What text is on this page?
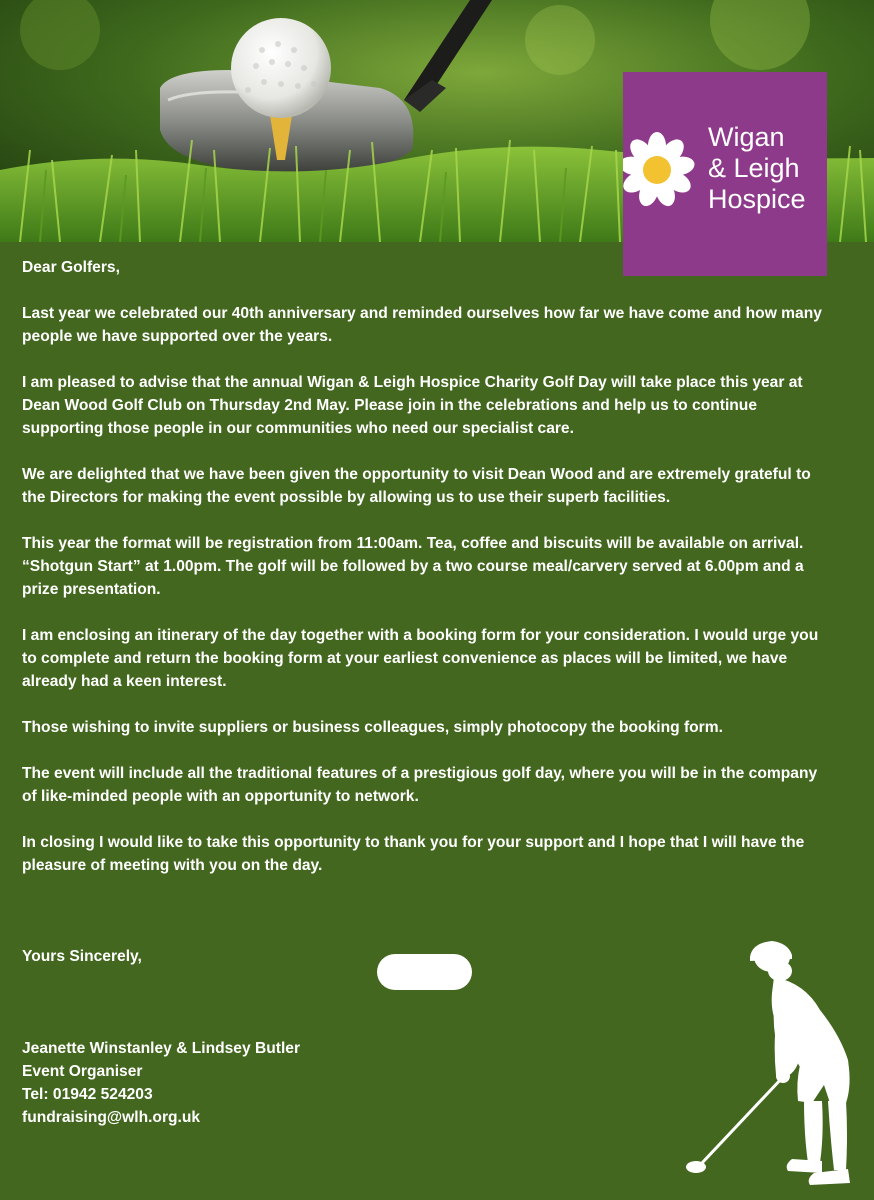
Wigan
& Leigh
Hospice

Dear Golfers,

Last year we celebrated our 40th anniversary and reminded ourselves how far we have come and how many people we have supported over the years.

I am pleased to advise that the annual Wigan & Leigh Hospice Charity Golf Day will take place this year at Dean Wood Golf Club on Thursday 2nd May. Please join in the celebrations and help us to continue supporting those people in our communities who need our specialist care.

We are delighted that we have been given the opportunity to visit Dean Wood and are extremely grateful to the Directors for making the event possible by allowing us to use their superb facilities.

This year the format will be registration from 11:00am. Tea, coffee and biscuits will be available on arrival. “Shotgun Start” at 1.00pm. The golf will be followed by a two course meal/carvery served at 6.00pm and a prize presentation.

I am enclosing an itinerary of the day together with a booking form for your consideration. I would urge you to complete and return the booking form at your earliest convenience as places will be limited, we have already had a keen interest.

Those wishing to invite suppliers or business colleagues, simply photocopy the booking form.

The event will include all the traditional features of a prestigious golf day, where you will be in the company of like-minded people with an opportunity to network.

In closing I would like to take this opportunity to thank you for your support and I hope that I will have the pleasure of meeting with you on the day.

Yours Sincerely,
Jeanette Winstanley & Lindsey Butler
Event Organiser
Tel: 01942 524203
fundraising@wlh.org.uk
